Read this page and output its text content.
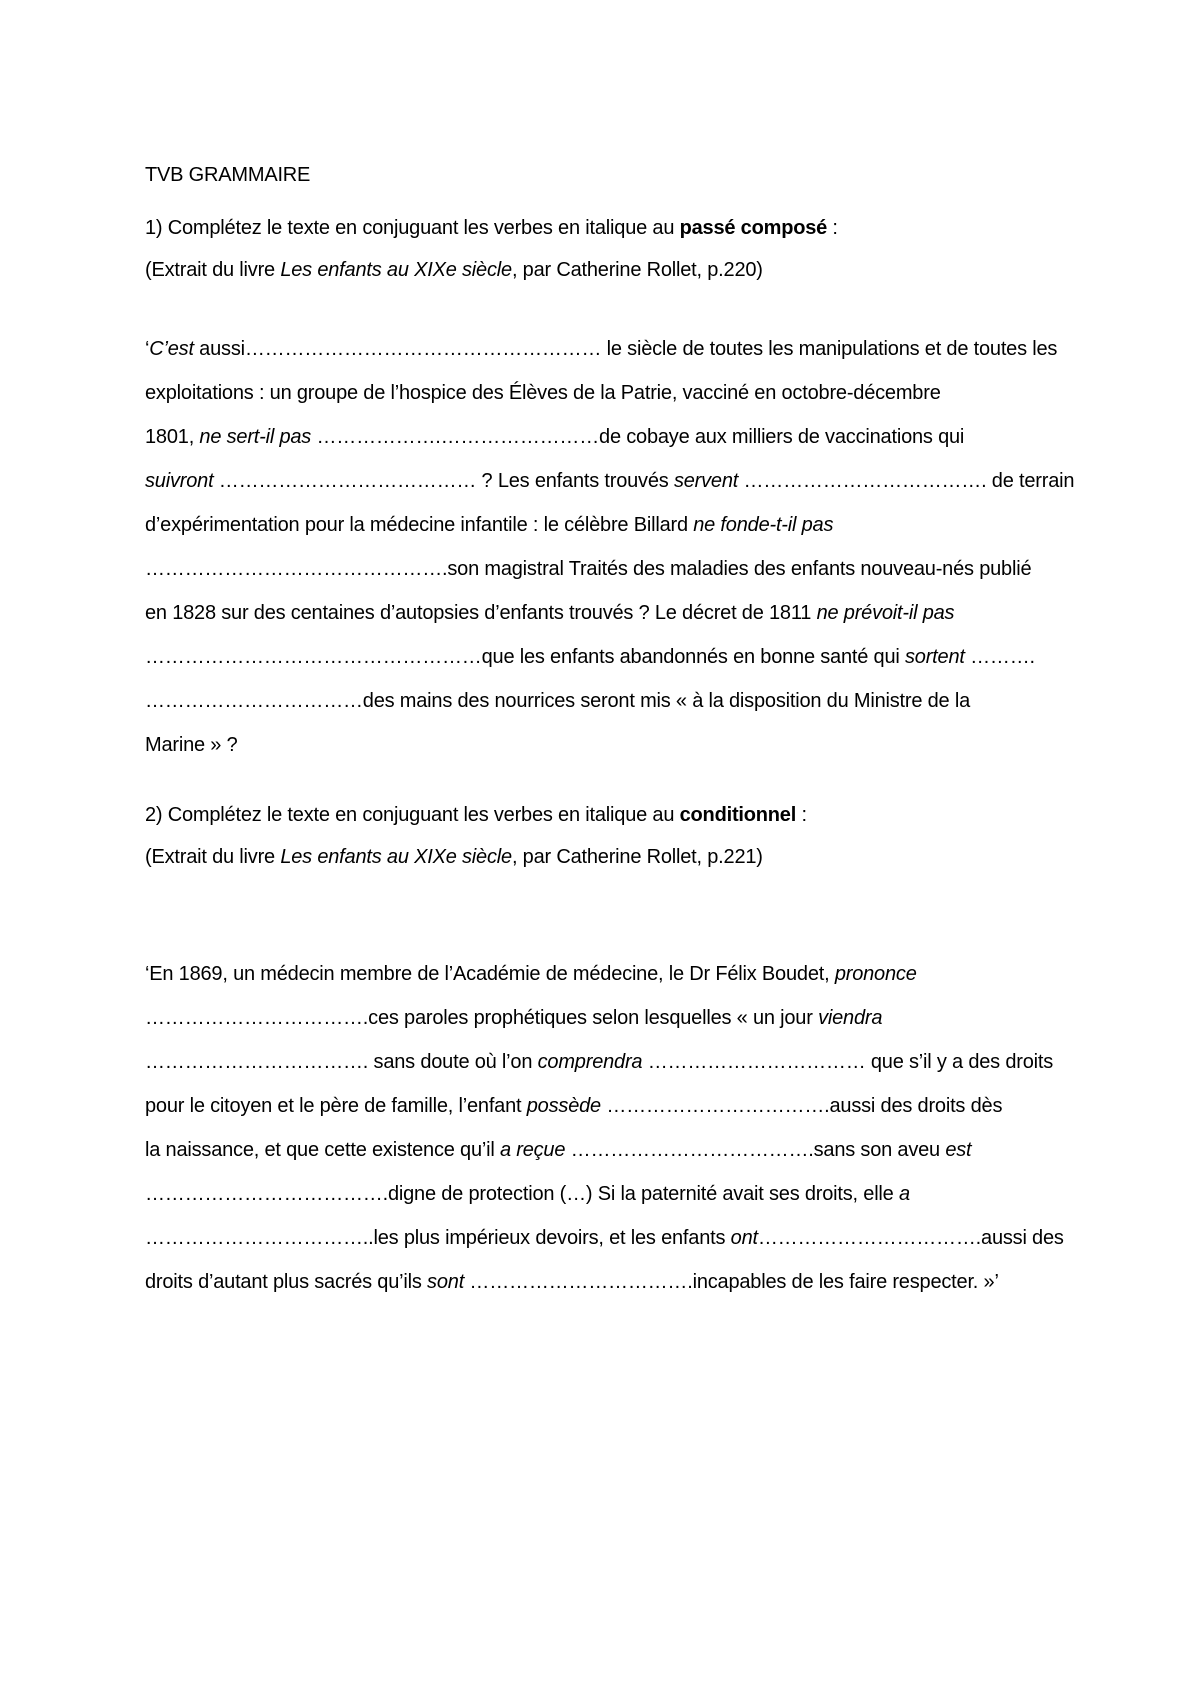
TVB GRAMMAIRE
1) Complétez le texte en conjuguant les verbes en italique au passé composé :
(Extrait du livre Les enfants au XIXe siècle, par Catherine Rollet, p.220)
‘C’est aussi……………………………………………… le siècle de toutes les manipulations et de toutes les
exploitations : un groupe de l’hospice des Élèves de la Patrie, vacciné en octobre-décembre
1801, ne sert-il pas ……………….……………………de cobaye aux milliers de vaccinations qui
suivront ………………………………… ? Les enfants trouvés servent ………………………………. de terrain
d’expérimentation pour la médecine infantile : le célèbre Billard ne fonde-t-il pas
……………………………………….son magistral Traités des maladies des enfants nouveau-nés publié
en 1828 sur des centaines d’autopsies d’enfants trouvés ? Le décret de 1811 ne prévoit-il pas
……………………………………………que les enfants abandonnés en bonne santé qui sortent ……….
……………………………des mains des nourrices seront mis « à la disposition du Ministre de la
Marine » ?
2) Complétez le texte en conjuguant les verbes en italique au conditionnel :
(Extrait du livre Les enfants au XIXe siècle, par Catherine Rollet, p.221)
‘En 1869, un médecin membre de l’Académie de médecine, le Dr Félix Boudet, prononce
…………………………….ces paroles prophétiques selon lesquelles « un jour viendra
……………………………. sans doute où l’on comprendra …………………………… que s’il y a des droits
pour le citoyen et le père de famille, l’enfant possède …………………………….aussi des droits dès
la naissance, et que cette existence qu’il a reçue ……………………………….sans son aveu est
……………………………….digne de protection (…) Si la paternité avait ses droits, elle a
……………………………..les plus impérieux devoirs, et les enfants ont…………………………….aussi des
droits d’autant plus sacrés qu’ils sont …………………………….incapables de les faire respecter. »’
